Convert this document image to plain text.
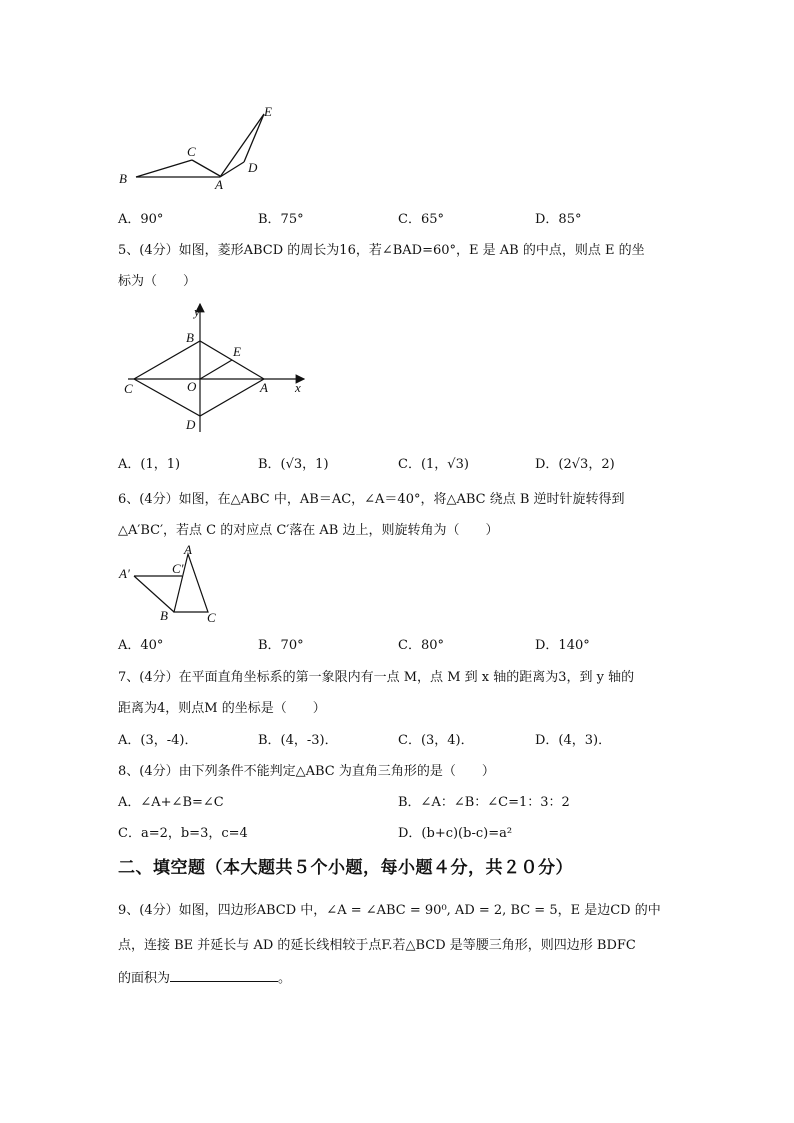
E
C
D
B	A
A．90°	B．75°	C．65°	D．85°
5、(4分）如图，菱形ABCD 的周长为16，若∠BAD=60°，E 是 AB 的中点，则点 E 的坐
标为（　　）
y
B
E
C	O	A x
D
A．(1，1)	B．(√3，1)	C．(1，√3)	D．(2√3，2)
6、(4分）如图，在△ABC 中，AB＝AC，∠A＝40°，将△ABC 绕点 B 逆时针旋转得到
△A′BC′，若点 C 的对应点 C′落在 AB 边上，则旋转角为（　　）
A
A′	C′
B	C
A．40°	B．70°	C．80°	D．140°
7、(4分）在平面直角坐标系的第一象限内有一点 M，点 M 到 x 轴的距离为3，到 y 轴的
距离为4，则点M 的坐标是（　　）
A．(3，-4)．	B．(4，-3)．	C．(3，4)．	D．(4，3)．
8、(4分）由下列条件不能判定△ABC 为直角三角形的是（　　）
A．∠A+∠B=∠C	B．∠A：∠B：∠C=1：3：2
C．a=2，b=3，c=4	D．(b+c)(b-c)=a²
二、填空题（本大题共５个小题，每小题４分，共２０分）
9、(4分）如图，四边形ABCD 中，∠A = ∠ABC = 90⁰, AD = 2, BC = 5，E 是边CD 的中
点，连接 BE 并延长与 AD 的延长线相较于点F.若△BCD 是等腰三角形，则四边形 BDFC
的面积为	。
